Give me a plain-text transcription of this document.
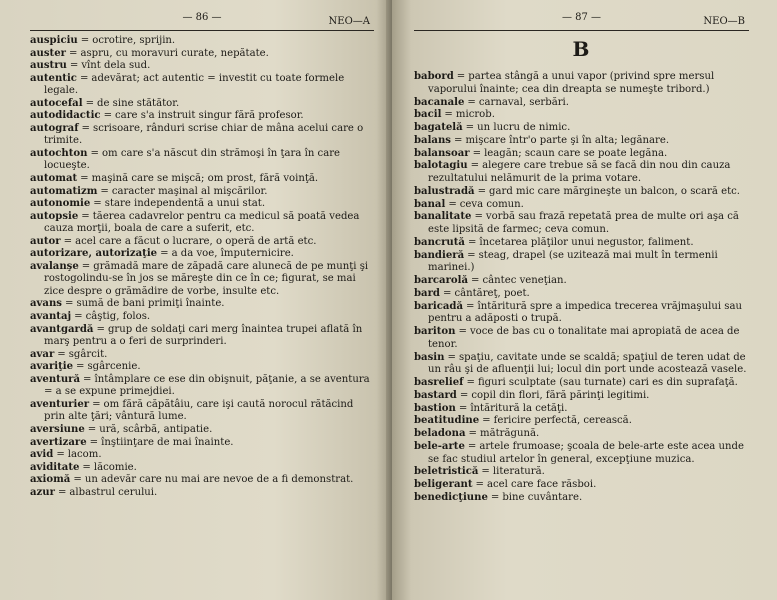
— 86 —	NEO—A

auspiciu = ocrotire, sprijin.

auster = aspru, cu moravuri curate, nepătate.

austru = vînt dela sud.

autentic = adevărat; act autentic = investit cu toate formele legale.

autocefal = de sine stătător.

autodidactic = care s'a instruit singur fără profesor.

autograf = scrisoare, rânduri scrise chiar de mâna acelui care o trimite.

autochton = om care s'a născut din strămoşi în ţara în care locueşte.

automat = maşină care se mişcă; om prost, fără voinţă.

automatizm = caracter maşinal al mişcărilor.

autonomie = stare independentă a unui stat.

autopsie = tăerea cadavrelor pentru ca medicul să poată vedea cauza morţii, boala de care a suferit, etc.

autor = acel care a făcut o lucrare, o operă de artă etc.

autorizare, autorizaţie = a da voe, împuternicire.

avalanşe = grămadă mare de zăpadă care alunecă de pe munţi şi rostogolindu-se în jos se măreşte din ce în ce; figurat, se mai zice despre o grămădire de vorbe, insulte etc.

avans = sumă de bani primiţi înainte.

avantaj = câştig, folos.

avantgardă = grup de soldaţi cari merg înaintea trupei aflată în marş pentru a o feri de surprinderi.

avar = sgârcit.

avariţie = sgârcenie.

aventură = întâmplare ce ese din obişnuit, păţanie, a se aventura = a se expune primejdiei.

aventurier = om fără căpătâiu, care işi caută norocul rătăcind prin alte ţări; vântură lume.

aversiune = ură, scârbă, antipatie.

avertizare = înştiinţare de mai înainte.

avid = lacom.

aviditate = lăcomie.

axiomă = un adevăr care nu mai are nevoe de a fi demonstrat.

azur = albastrul cerului.

— 87 —	NEO—B
B

babord = partea stângă a unui vapor (privind spre mersul vaporului înainte; cea din dreapta se numeşte tribord.)

bacanale = carnaval, serbări.

bacil = microb.

bagatelă = un lucru de nimic.

balans = mişcare într'o parte şi în alta; legănare.

balansoar = leagăn; scaun care se poate legăna.

balotagiu = alegere care trebue să se facă din nou din cauza rezultatului nelămurit de la prima votare.

balustradă = gard mic care mărgineşte un balcon, o scară etc.

banal = ceva comun.

banalitate = vorbă sau frază repetată prea de multe ori aşa că este lipsită de farmec; ceva comun.

bancrută = încetarea plăţilor unui negustor, faliment.

bandieră = steag, drapel (se uzitează mai mult în termenii marinei.)

barcarolă = cântec veneţian.

bard = cântăreţ, poet.

baricadă = întăritură spre a impedica trecerea vrăjmaşului sau pentru a adăposti o trupă.

bariton = voce de bas cu o tonalitate mai apropiată de acea de tenor.

basin = spaţiu, cavitate unde se scaldă; spaţiul de teren udat de un râu şi de afluenţii lui; locul din port unde acostează vasele.

basrelief = figuri sculptate (sau turnate) cari es din suprafaţă.

bastard = copil din flori, fără părinţi legitimi.

bastion = întăritură la cetăţi.

beatitudine = fericire perfectă, cerească.

beladona = mătrăgună.

bele-arte = artele frumoase; şcoala de bele-arte este acea unde se fac studiul artelor în general, excepţiune muzica.

beletristică = literatură.

beligerant = acel care face răsboi.

benedicţiune = bine cuvântare.
